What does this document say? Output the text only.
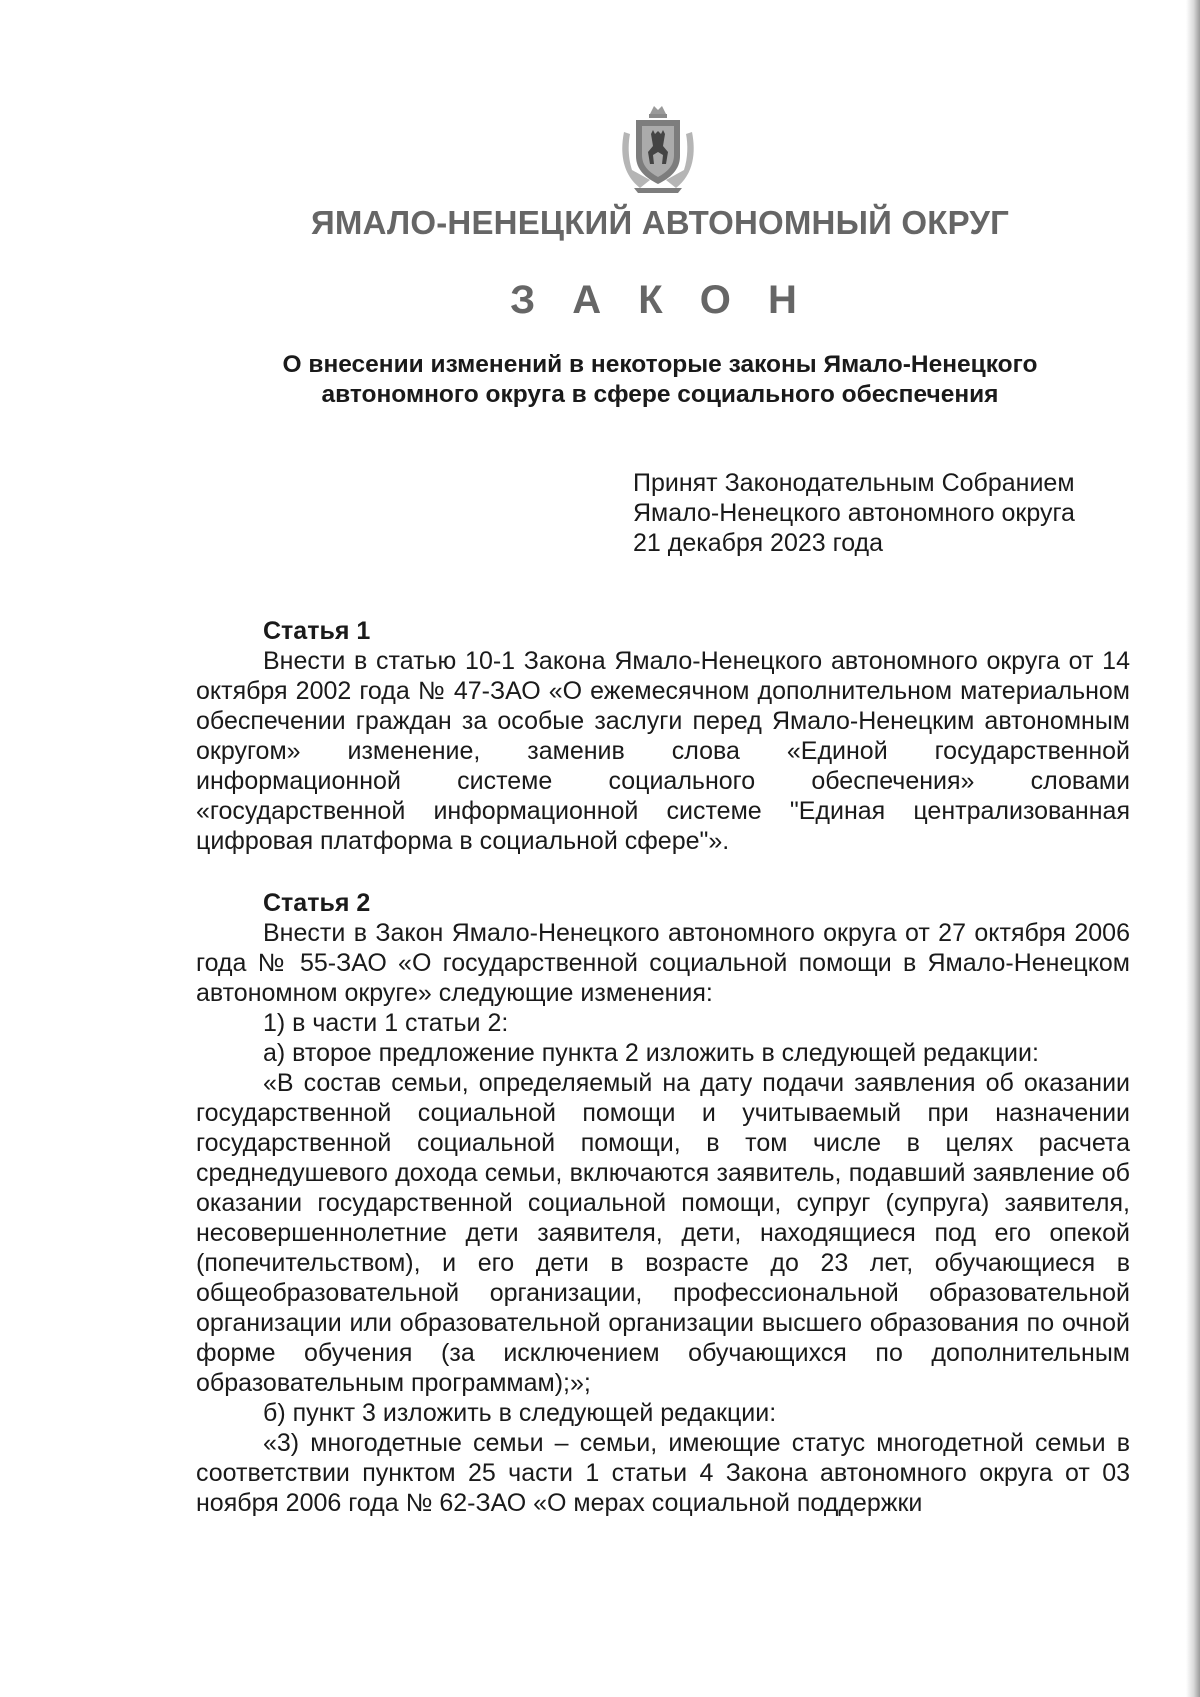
ЯМАЛО-НЕНЕЦКИЙ АВТОНОМНЫЙ ОКРУГ
З А К О Н
О внесении изменений в некоторые законы Ямало-Ненецкого
автономного округа в сфере социального обеспечения
Принят Законодательным Собранием
Ямало-Ненецкого автономного округа
21 декабря 2023 года
Статья 1

Внести в статью 10-1 Закона Ямало-Ненецкого автономного округа от 14 октября 2002 года № 47-ЗАО «О ежемесячном дополнительном материальном обеспечении граждан за особые заслуги перед Ямало-Ненецким автономным округом» изменение, заменив слова «Единой государственной информационной системе социального обеспечения» словами «государственной информационной системе "Единая централизованная цифровая платформа в социальной сфере"».

Статья 2

Внести в Закон Ямало-Ненецкого автономного округа от 27 октября 2006 года № 55-ЗАО «О государственной социальной помощи в Ямало-Ненецком автономном округе» следующие изменения:

1) в части 1 статьи 2:

а) второе предложение пункта 2 изложить в следующей редакции:

«В состав семьи, определяемый на дату подачи заявления об оказании государственной социальной помощи и учитываемый при назначении государственной социальной помощи, в том числе в целях расчета среднедушевого дохода семьи, включаются заявитель, подавший заявление об оказании государственной социальной помощи, супруг (супруга) заявителя, несовершеннолетние дети заявителя, дети, находящиеся под его опекой (попечительством), и его дети в возрасте до 23 лет, обучающиеся в общеобразовательной организации, профессиональной образовательной организации или образовательной организации высшего образования по очной форме обучения (за исключением обучающихся по дополнительным образовательным программам);»;

б) пункт 3 изложить в следующей редакции:

«3) многодетные семьи – семьи, имеющие статус многодетной семьи в соответствии пунктом 25 части 1 статьи 4 Закона автономного округа от 03 ноября 2006 года № 62-ЗАО «О мерах социальной поддержки
